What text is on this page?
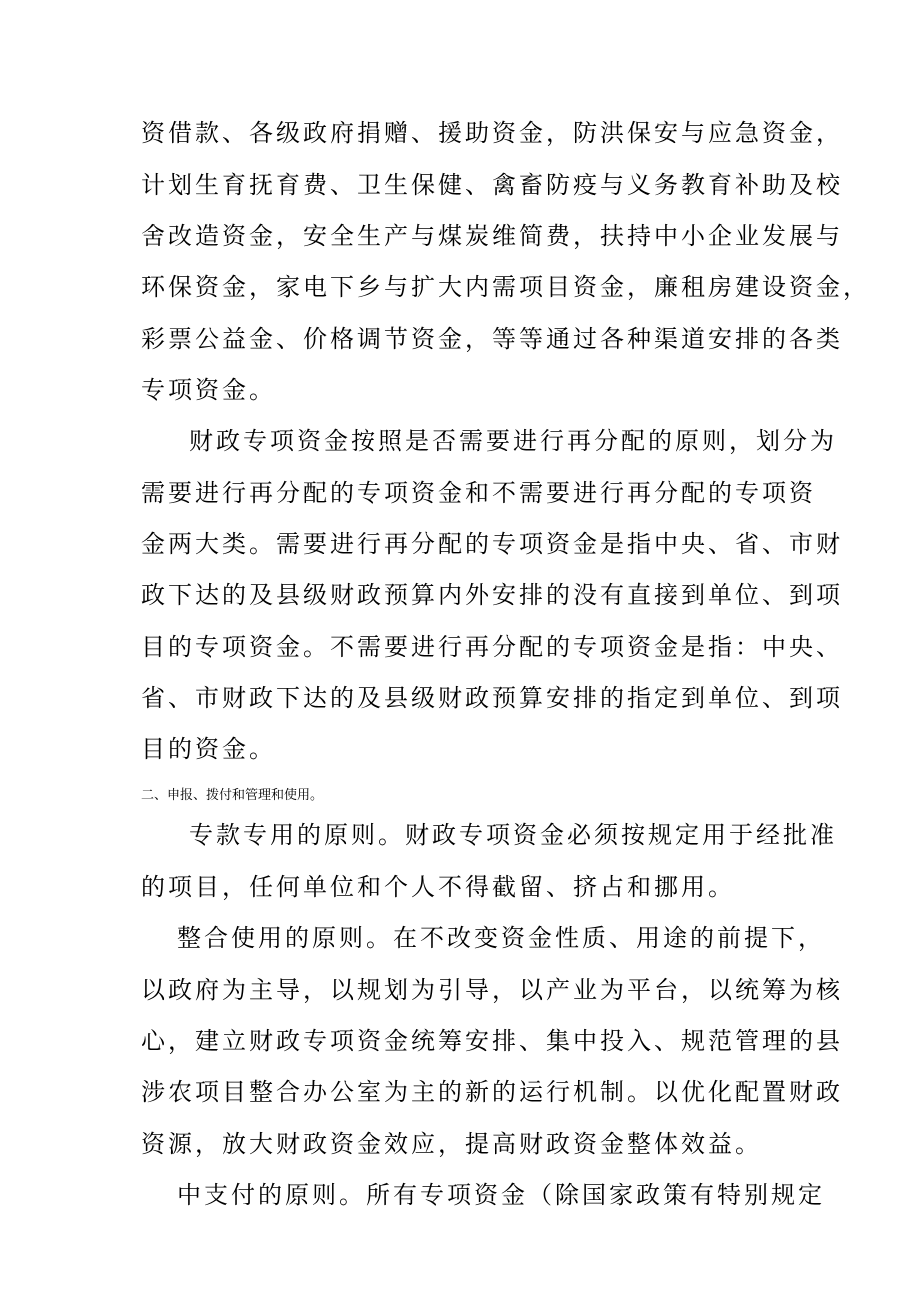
资借款、各级政府捐赠、援助资金，防洪保安与应急资金，
计划生育抚育费、卫生保健、禽畜防疫与义务教育补助及校
舍改造资金，安全生产与煤炭维简费，扶持中小企业发展与
环保资金，家电下乡与扩大内需项目资金，廉租房建设资金，
彩票公益金、价格调节资金，等等通过各种渠道安排的各类
专项资金。
财政专项资金按照是否需要进行再分配的原则，划分为
需要进行再分配的专项资金和不需要进行再分配的专项资
金两大类。需要进行再分配的专项资金是指中央、省、市财
政下达的及县级财政预算内外安排的没有直接到单位、到项
目的专项资金。不需要进行再分配的专项资金是指：中央、
省、市财政下达的及县级财政预算安排的指定到单位、到项
目的资金。
二、申报、拨付和管理和使用。
专款专用的原则。财政专项资金必须按规定用于经批准
的项目，任何单位和个人不得截留、挤占和挪用。
整合使用的原则。在不改变资金性质、用途的前提下，
以政府为主导，以规划为引导，以产业为平台，以统筹为核
心，建立财政专项资金统筹安排、集中投入、规范管理的县
涉农项目整合办公室为主的新的运行机制。以优化配置财政
资源，放大财政资金效应，提高财政资金整体效益。
中支付的原则。所有专项资金（除国家政策有特别规定
